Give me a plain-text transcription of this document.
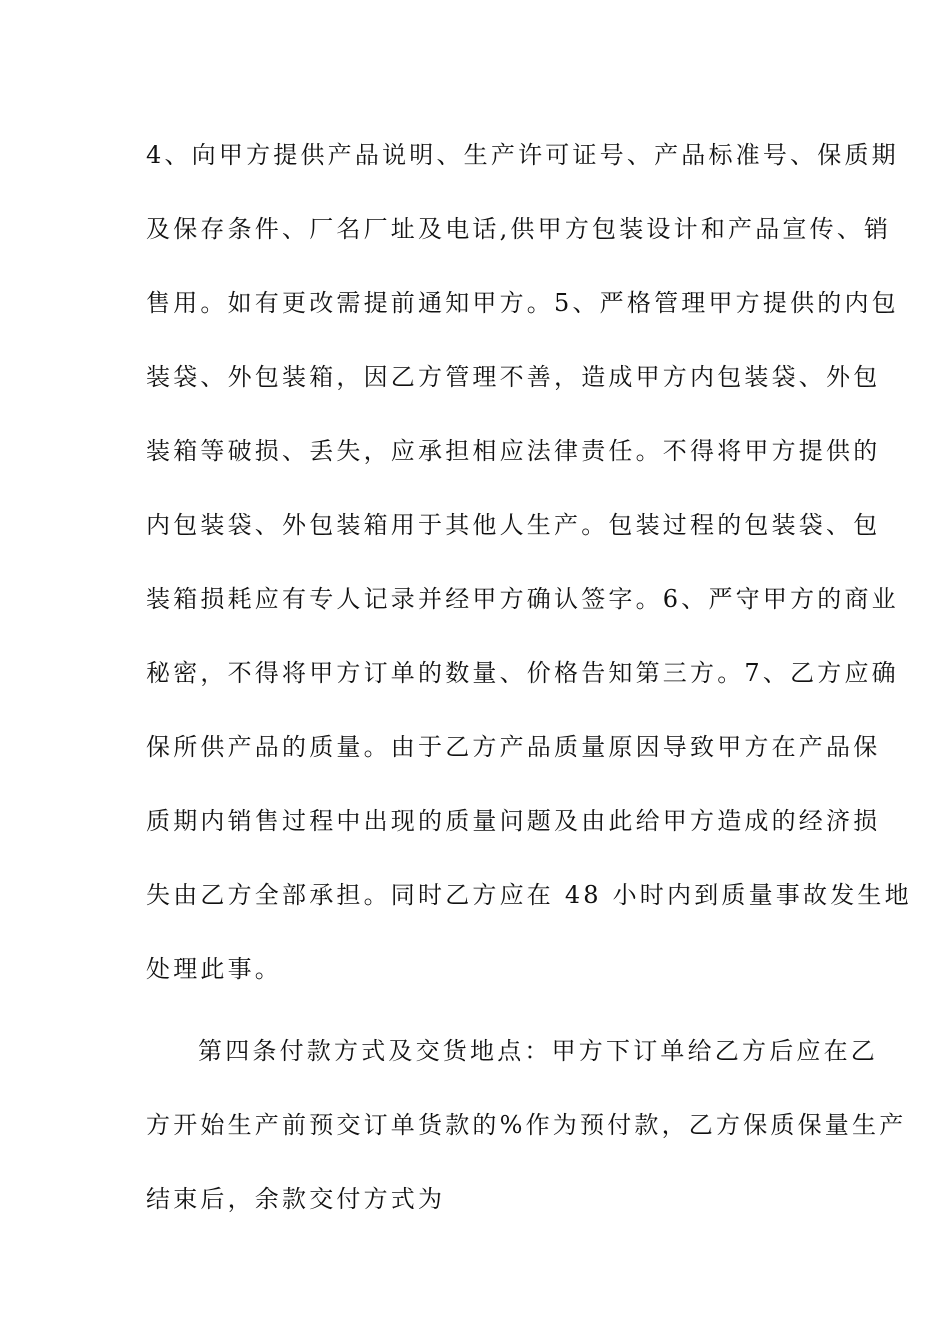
4、向甲方提供产品说明、生产许可证号、产品标准号、保质期
及保存条件、厂名厂址及电话,供甲方包装设计和产品宣传、销
售用。如有更改需提前通知甲方。5、严格管理甲方提供的内包
装袋、外包装箱，因乙方管理不善，造成甲方内包装袋、外包
装箱等破损、丢失，应承担相应法律责任。不得将甲方提供的
内包装袋、外包装箱用于其他人生产。包装过程的包装袋、包
装箱损耗应有专人记录并经甲方确认签字。6、严守甲方的商业
秘密，不得将甲方订单的数量、价格告知第三方。7、乙方应确
保所供产品的质量。由于乙方产品质量原因导致甲方在产品保
质期内销售过程中出现的质量问题及由此给甲方造成的经济损
失由乙方全部承担。同时乙方应在 48 小时内到质量事故发生地
处理此事。
第四条付款方式及交货地点：甲方下订单给乙方后应在乙
方开始生产前预交订单货款的%作为预付款，乙方保质保量生产
结束后，余款交付方式为
